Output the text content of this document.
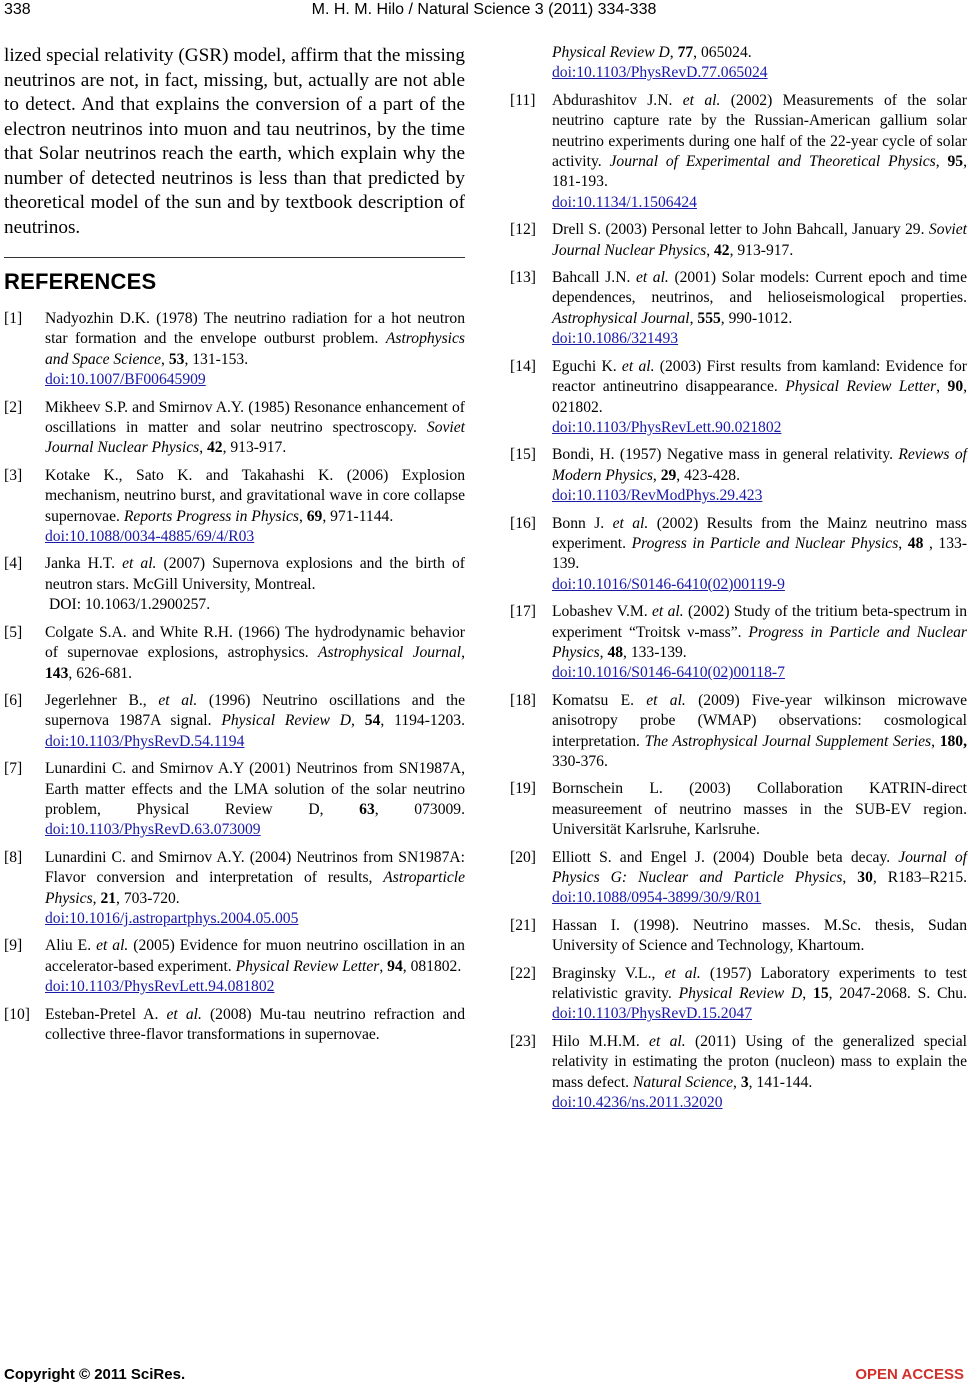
338	M. H. M. Hilo / Natural Science 3 (2011) 334-338

lized special relativity (GSR) model, affirm that the missing neutrinos are not, in fact, missing, but, actually are not able to detect. And that explains the conversion of a part of the electron neutrinos into muon and tau neutrinos, by the time that Solar neutrinos reach the earth, which explain why the number of detected neutrinos is less than that predicted by theoretical model of the sun and by textbook description of neutrinos.

REFERENCES
[1] Nadyozhin D.K. (1978) The neutrino radiation for a hot neutron star formation and the envelope outburst problem. Astrophysics and Space Science, 53, 131-153.
doi:10.1007/BF00645909
[2] Mikheev S.P. and Smirnov A.Y. (1985) Resonance enhancement of oscillations in matter and solar neutrino spectroscopy. Soviet Journal Nuclear Physics, 42, 913-917.
[3] Kotake K., Sato K. and Takahashi K. (2006) Explosion mechanism, neutrino burst, and gravitational wave in core collapse supernovae. Reports Progress in Physics, 69, 971-1144.
doi:10.1088/0034-4885/69/4/R03
[4] Janka H.T. et al. (2007) Supernova explosions and the birth of neutron stars. McGill University, Montreal.
DOI: 10.1063/1.2900257.
[5] Colgate S.A. and White R.H. (1966) The hydrodynamic behavior of supernovae explosions, astrophysics. Astrophysical Journal, 143, 626-681.
[6] Jegerlehner B., et al. (1996) Neutrino oscillations and the supernova 1987A signal. Physical Review D, 54, 1194-1203. doi:10.1103/PhysRevD.54.1194
[7] Lunardini C. and Smirnov A.Y (2001) Neutrinos from SN1987A, Earth matter effects and the LMA solution of the solar neutrino problem, Physical Review D, 63, 073009. doi:10.1103/PhysRevD.63.073009
[8] Lunardini C. and Smirnov A.Y. (2004) Neutrinos from SN1987A: Flavor conversion and interpretation of results, Astroparticle Physics, 21, 703-720.
doi:10.1016/j.astropartphys.2004.05.005
[9] Aliu E. et al. (2005) Evidence for muon neutrino oscillation in an accelerator-based experiment. Physical Review Letter, 94, 081802.
doi:10.1103/PhysRevLett.94.081802
[10] Esteban-Pretel A. et al. (2008) Mu-tau neutrino refraction and collective three-flavor transformations in supernovae.
Physical Review D, 77, 065024.
doi:10.1103/PhysRevD.77.065024
[11] Abdurashitov J.N. et al. (2002) Measurements of the solar neutrino capture rate by the Russian-American gallium solar neutrino experiments during one half of the 22-year cycle of solar activity. Journal of Experimental and Theoretical Physics, 95, 181-193.
doi:10.1134/1.1506424
[12] Drell S. (2003) Personal letter to John Bahcall, January 29. Soviet Journal Nuclear Physics, 42, 913-917.
[13] Bahcall J.N. et al. (2001) Solar models: Current epoch and time dependences, neutrinos, and helioseismological properties. Astrophysical Journal, 555, 990-1012.
doi:10.1086/321493
[14] Eguchi K. et al. (2003) First results from kamland: Evidence for reactor antineutrino disappearance. Physical Review Letter, 90, 021802.
doi:10.1103/PhysRevLett.90.021802
[15] Bondi, H. (1957) Negative mass in general relativity. Reviews of Modern Physics, 29, 423-428.
doi:10.1103/RevModPhys.29.423
[16] Bonn J. et al. (2002) Results from the Mainz neutrino mass experiment. Progress in Particle and Nuclear Physics, 48 , 133-139.
doi:10.1016/S0146-6410(02)00119-9
[17] Lobashev V.M. et al. (2002) Study of the tritium beta-spectrum in experiment “Troitsk ν-mass”. Progress in Particle and Nuclear Physics, 48, 133-139.
doi:10.1016/S0146-6410(02)00118-7
[18] Komatsu E. et al. (2009) Five-year wilkinson microwave anisotropy probe (WMAP) observations: cosmological interpretation. The Astrophysical Journal Supplement Series, 180, 330-376.
[19] Bornschein L. (2003) Collaboration KATRIN-direct measureement of neutrino masses in the SUB-EV region. Universität Karlsruhe, Karlsruhe.
[20] Elliott S. and Engel J. (2004) Double beta decay. Journal of Physics G: Nuclear and Particle Physics, 30, R183–R215. doi:10.1088/0954-3899/30/9/R01
[21] Hassan I. (1998). Neutrino masses. M.Sc. thesis, Sudan University of Science and Technology, Khartoum.
[22] Braginsky V.L., et al. (1957) Laboratory experiments to test relativistic gravity. Physical Review D, 15, 2047-2068. S. Chu. doi:10.1103/PhysRevD.15.2047
[23] Hilo M.H.M. et al. (2011) Using of the generalized special relativity in estimating the proton (nucleon) mass to explain the mass defect. Natural Science, 3, 141-144.
doi:10.4236/ns.2011.32020
Copyright © 2011 SciRes.	OPEN ACCESS
